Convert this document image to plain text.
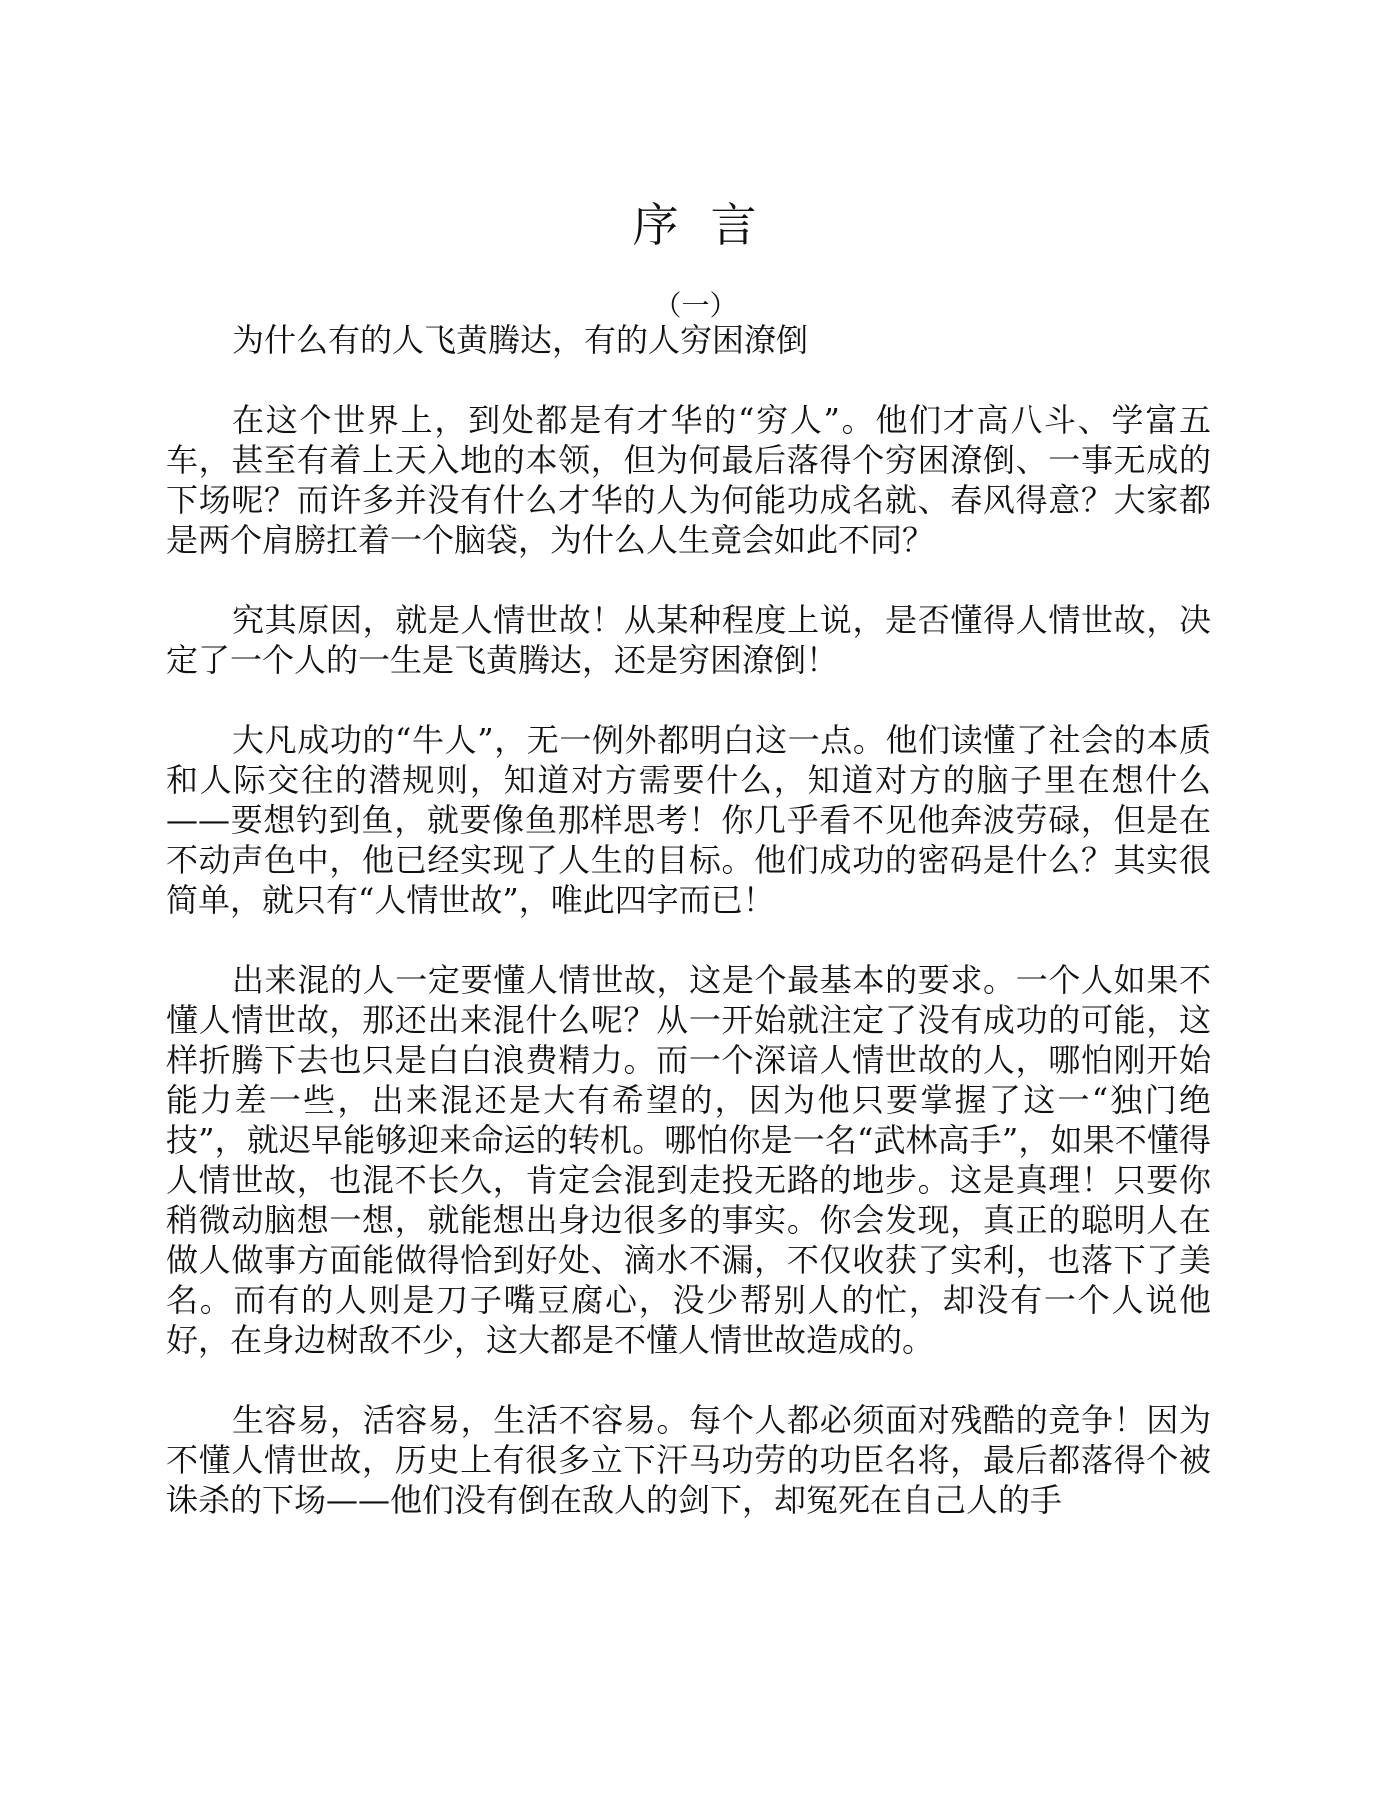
序 言
（一）

为什么有的人飞黄腾达，有的人穷困潦倒

在这个世界上，到处都是有才华的“穷人”。他们才高八斗、学富五车，甚至有着上天入地的本领，但为何最后落得个穷困潦倒、一事无成的下场呢？而许多并没有什么才华的人为何能功成名就、春风得意？大家都是两个肩膀扛着一个脑袋，为什么人生竟会如此不同？

究其原因，就是人情世故！从某种程度上说，是否懂得人情世故，决定了一个人的一生是飞黄腾达，还是穷困潦倒！

大凡成功的“牛人”，无一例外都明白这一点。他们读懂了社会的本质和人际交往的潜规则，知道对方需要什么，知道对方的脑子里在想什么——要想钓到鱼，就要像鱼那样思考！你几乎看不见他奔波劳碌，但是在不动声色中，他已经实现了人生的目标。他们成功的密码是什么？其实很简单，就只有“人情世故”，唯此四字而已！

出来混的人一定要懂人情世故，这是个最基本的要求。一个人如果不懂人情世故，那还出来混什么呢？从一开始就注定了没有成功的可能，这样折腾下去也只是白白浪费精力。而一个深谙人情世故的人，哪怕刚开始能力差一些，出来混还是大有希望的，因为他只要掌握了这一“独门绝技”，就迟早能够迎来命运的转机。哪怕你是一名“武林高手”，如果不懂得人情世故，也混不长久，肯定会混到走投无路的地步。这是真理！只要你稍微动脑想一想，就能想出身边很多的事实。你会发现，真正的聪明人在做人做事方面能做得恰到好处、滴水不漏，不仅收获了实利，也落下了美名。而有的人则是刀子嘴豆腐心，没少帮别人的忙，却没有一个人说他好，在身边树敌不少，这大都是不懂人情世故造成的。

生容易，活容易，生活不容易。每个人都必须面对残酷的竞争！因为不懂人情世故，历史上有很多立下汗马功劳的功臣名将，最后都落得个被诛杀的下场——他们没有倒在敌人的剑下，却冤死在自己人的手
